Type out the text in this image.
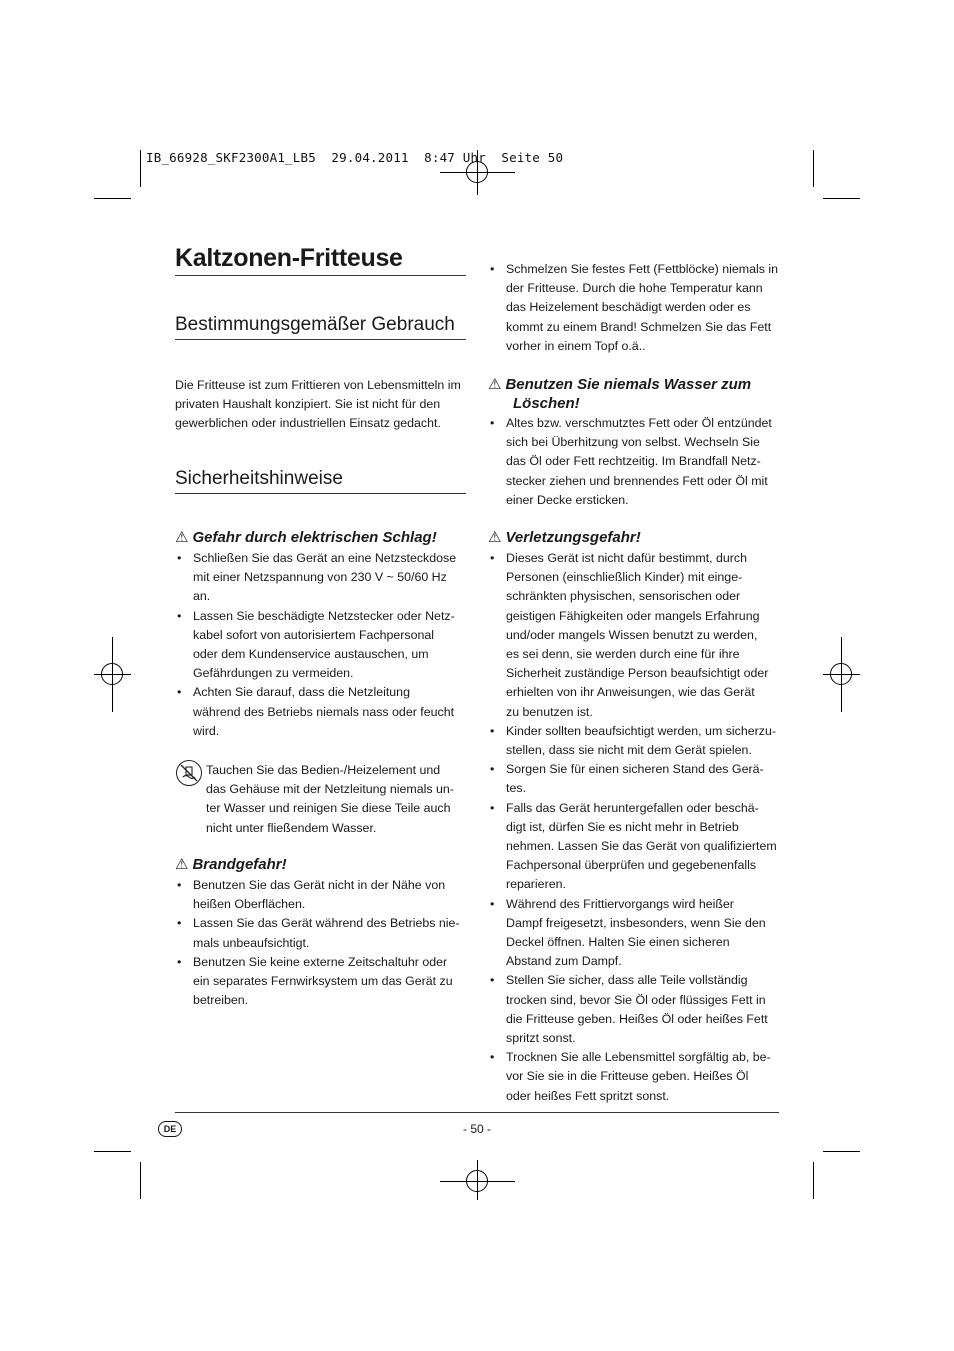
IB_66928_SKF2300A1_LB5  29.04.2011  8:47 Uhr  Seite 50
Kaltzonen-Fritteuse
Bestimmungsgemäßer Gebrauch
Die Fritteuse ist zum Frittieren von Lebensmitteln im
privaten Haushalt konzipiert. Sie ist nicht für den
gewerblichen oder industriellen Einsatz gedacht.
Sicherheitshinweise
⚠ Gefahr durch elektrischen Schlag!
• Schließen Sie das Gerät an eine Netzsteckdose
mit einer Netzspannung von 230 V ~ 50/60 Hz
an.
• Lassen Sie beschädigte Netzstecker oder Netz-
kabel sofort von autorisiertem Fachpersonal
oder dem Kundenservice austauschen, um
Gefährdungen zu vermeiden.
• Achten Sie darauf, dass die Netzleitung
während des Betriebs niemals nass oder feucht
wird.
Tauchen Sie das Bedien-/Heizelement und
das Gehäuse mit der Netzleitung niemals un-
ter Wasser und reinigen Sie diese Teile auch
nicht unter fließendem Wasser.
⚠ Brandgefahr!
• Benutzen Sie das Gerät nicht in der Nähe von
heißen Oberflächen.
• Lassen Sie das Gerät während des Betriebs nie-
mals unbeaufsichtigt.
• Benutzen Sie keine externe Zeitschaltuhr oder
ein separates Fernwirksystem um das Gerät zu
betreiben.
• Schmelzen Sie festes Fett (Fettblöcke) niemals in
der Fritteuse. Durch die hohe Temperatur kann
das Heizelement beschädigt werden oder es
kommt zu einem Brand! Schmelzen Sie das Fett
vorher in einem Topf o.ä..
⚠ Benutzen Sie niemals Wasser zum
Löschen!
• Altes bzw. verschmutztes Fett oder Öl entzündet
sich bei Überhitzung von selbst. Wechseln Sie
das Öl oder Fett rechtzeitig. Im Brandfall Netz-
stecker ziehen und brennendes Fett oder Öl mit
einer Decke ersticken.
⚠ Verletzungsgefahr!
• Dieses Gerät ist nicht dafür bestimmt, durch
Personen (einschließlich Kinder) mit einge-
schränkten physischen, sensorischen oder
geistigen Fähigkeiten oder mangels Erfahrung
und/oder mangels Wissen benutzt zu werden,
es sei denn, sie werden durch eine für ihre
Sicherheit zuständige Person beaufsichtigt oder
erhielten von ihr Anweisungen, wie das Gerät
zu benutzen ist.
• Kinder sollten beaufsichtigt werden, um sicherzu-
stellen, dass sie nicht mit dem Gerät spielen.
• Sorgen Sie für einen sicheren Stand des Gerä-
tes.
• Falls das Gerät heruntergefallen oder beschä-
digt ist, dürfen Sie es nicht mehr in Betrieb
nehmen. Lassen Sie das Gerät von qualifiziertem
Fachpersonal überprüfen und gegebenenfalls
reparieren.
• Während des Frittiervorgangs wird heißer
Dampf freigesetzt, insbesonders, wenn Sie den
Deckel öffnen. Halten Sie einen sicheren
Abstand zum Dampf.
• Stellen Sie sicher, dass alle Teile vollständig
trocken sind, bevor Sie Öl oder flüssiges Fett in
die Fritteuse geben. Heißes Öl oder heißes Fett
spritzt sonst.
• Trocknen Sie alle Lebensmittel sorgfältig ab, be-
vor Sie sie in die Fritteuse geben. Heißes Öl
oder heißes Fett spritzt sonst.
DE	- 50 -
